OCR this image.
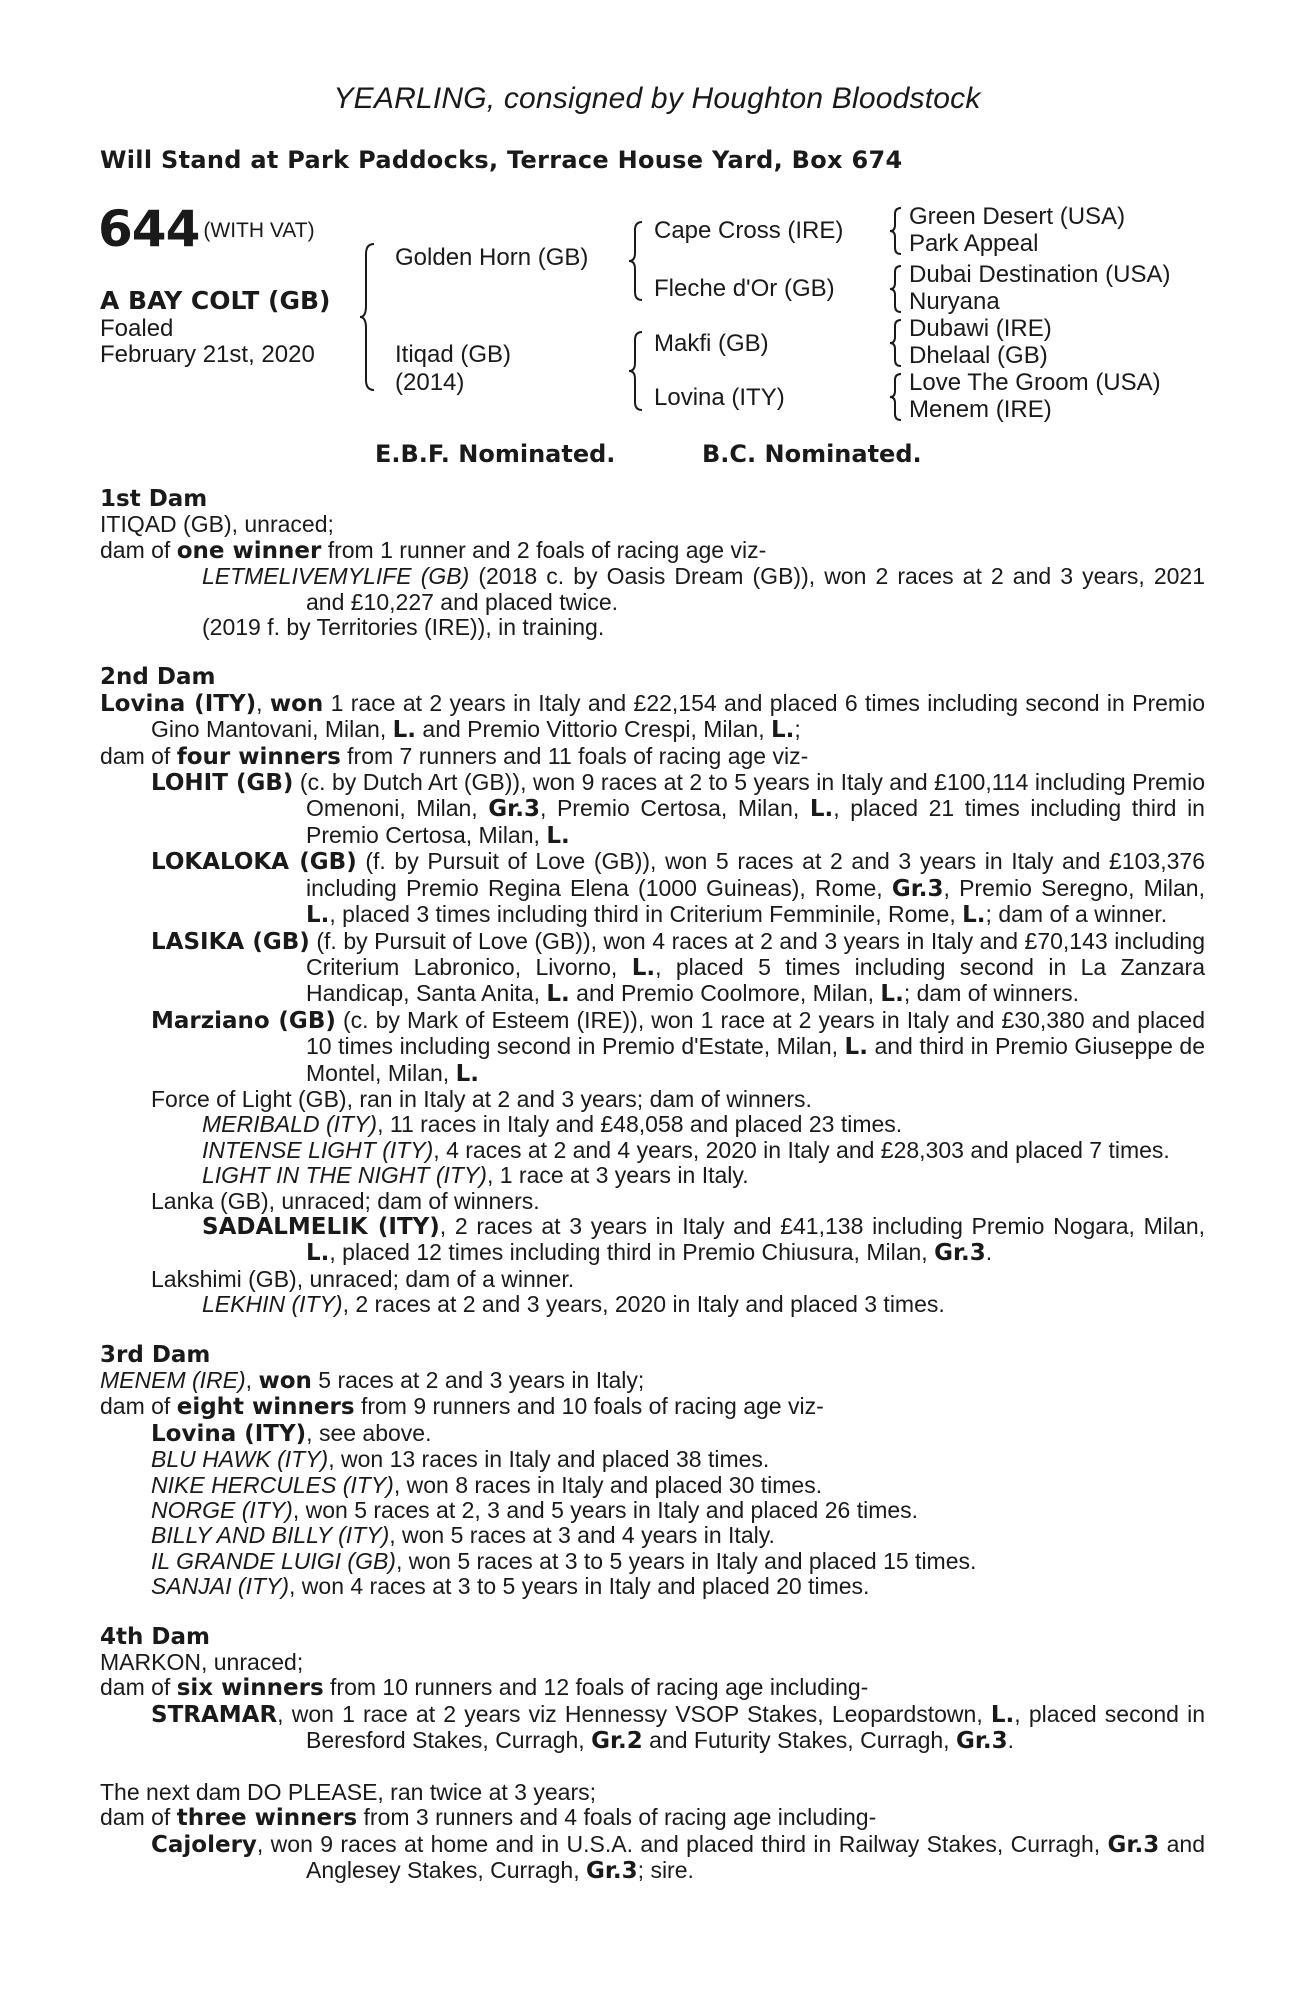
YEARLING, consigned by Houghton Bloodstock
Will Stand at Park Paddocks, Terrace House Yard, Box 674
644 (WITH VAT)
A BAY COLT (GB)
Foaled
February 21st, 2020
Golden Horn (GB)
Itiqad (GB)
(2014)
Cape Cross (IRE)
Fleche d'Or (GB)
Makfi (GB)
Lovina (ITY)
Green Desert (USA)
Park Appeal
Dubai Destination (USA)
Nuryana
Dubawi (IRE)
Dhelaal (GB)
Love The Groom (USA)
Menem (IRE)
E.B.F. Nominated.	B.C. Nominated.
1st Dam
ITIQAD (GB), unraced;
dam of one winner from 1 runner and 2 foals of racing age viz-
LETMELIVEMYLIFE (GB) (2018 c. by Oasis Dream (GB)), won 2 races at 2 and 3 years, 2021 and £10,227 and placed twice.
(2019 f. by Territories (IRE)), in training.
2nd Dam
Lovina (ITY), won 1 race at 2 years in Italy and £22,154 and placed 6 times including second in Premio Gino Mantovani, Milan, L. and Premio Vittorio Crespi, Milan, L.;
dam of four winners from 7 runners and 11 foals of racing age viz-
LOHIT (GB) (c. by Dutch Art (GB)), won 9 races at 2 to 5 years in Italy and £100,114 including Premio Omenoni, Milan, Gr.3, Premio Certosa, Milan, L., placed 21 times including third in Premio Certosa, Milan, L.
LOKALOKA (GB) (f. by Pursuit of Love (GB)), won 5 races at 2 and 3 years in Italy and £103,376 including Premio Regina Elena (1000 Guineas), Rome, Gr.3, Premio Seregno, Milan, L., placed 3 times including third in Criterium Femminile, Rome, L.; dam of a winner.
LASIKA (GB) (f. by Pursuit of Love (GB)), won 4 races at 2 and 3 years in Italy and £70,143 including Criterium Labronico, Livorno, L., placed 5 times including second in La Zanzara Handicap, Santa Anita, L. and Premio Coolmore, Milan, L.; dam of winners.
Marziano (GB) (c. by Mark of Esteem (IRE)), won 1 race at 2 years in Italy and £30,380 and placed 10 times including second in Premio d'Estate, Milan, L. and third in Premio Giuseppe de Montel, Milan, L.
Force of Light (GB), ran in Italy at 2 and 3 years; dam of winners.
MERIBALD (ITY), 11 races in Italy and £48,058 and placed 23 times.
INTENSE LIGHT (ITY), 4 races at 2 and 4 years, 2020 in Italy and £28,303 and placed 7 times.
LIGHT IN THE NIGHT (ITY), 1 race at 3 years in Italy.
Lanka (GB), unraced; dam of winners.
SADALMELIK (ITY), 2 races at 3 years in Italy and £41,138 including Premio Nogara, Milan, L., placed 12 times including third in Premio Chiusura, Milan, Gr.3.
Lakshimi (GB), unraced; dam of a winner.
LEKHIN (ITY), 2 races at 2 and 3 years, 2020 in Italy and placed 3 times.
3rd Dam
MENEM (IRE), won 5 races at 2 and 3 years in Italy;
dam of eight winners from 9 runners and 10 foals of racing age viz-
Lovina (ITY), see above.
BLU HAWK (ITY), won 13 races in Italy and placed 38 times.
NIKE HERCULES (ITY), won 8 races in Italy and placed 30 times.
NORGE (ITY), won 5 races at 2, 3 and 5 years in Italy and placed 26 times.
BILLY AND BILLY (ITY), won 5 races at 3 and 4 years in Italy.
IL GRANDE LUIGI (GB), won 5 races at 3 to 5 years in Italy and placed 15 times.
SANJAI (ITY), won 4 races at 3 to 5 years in Italy and placed 20 times.
4th Dam
MARKON, unraced;
dam of six winners from 10 runners and 12 foals of racing age including-
STRAMAR, won 1 race at 2 years viz Hennessy VSOP Stakes, Leopardstown, L., placed second in Beresford Stakes, Curragh, Gr.2 and Futurity Stakes, Curragh, Gr.3.
The next dam DO PLEASE, ran twice at 3 years;
dam of three winners from 3 runners and 4 foals of racing age including-
Cajolery, won 9 races at home and in U.S.A. and placed third in Railway Stakes, Curragh, Gr.3 and Anglesey Stakes, Curragh, Gr.3; sire.
